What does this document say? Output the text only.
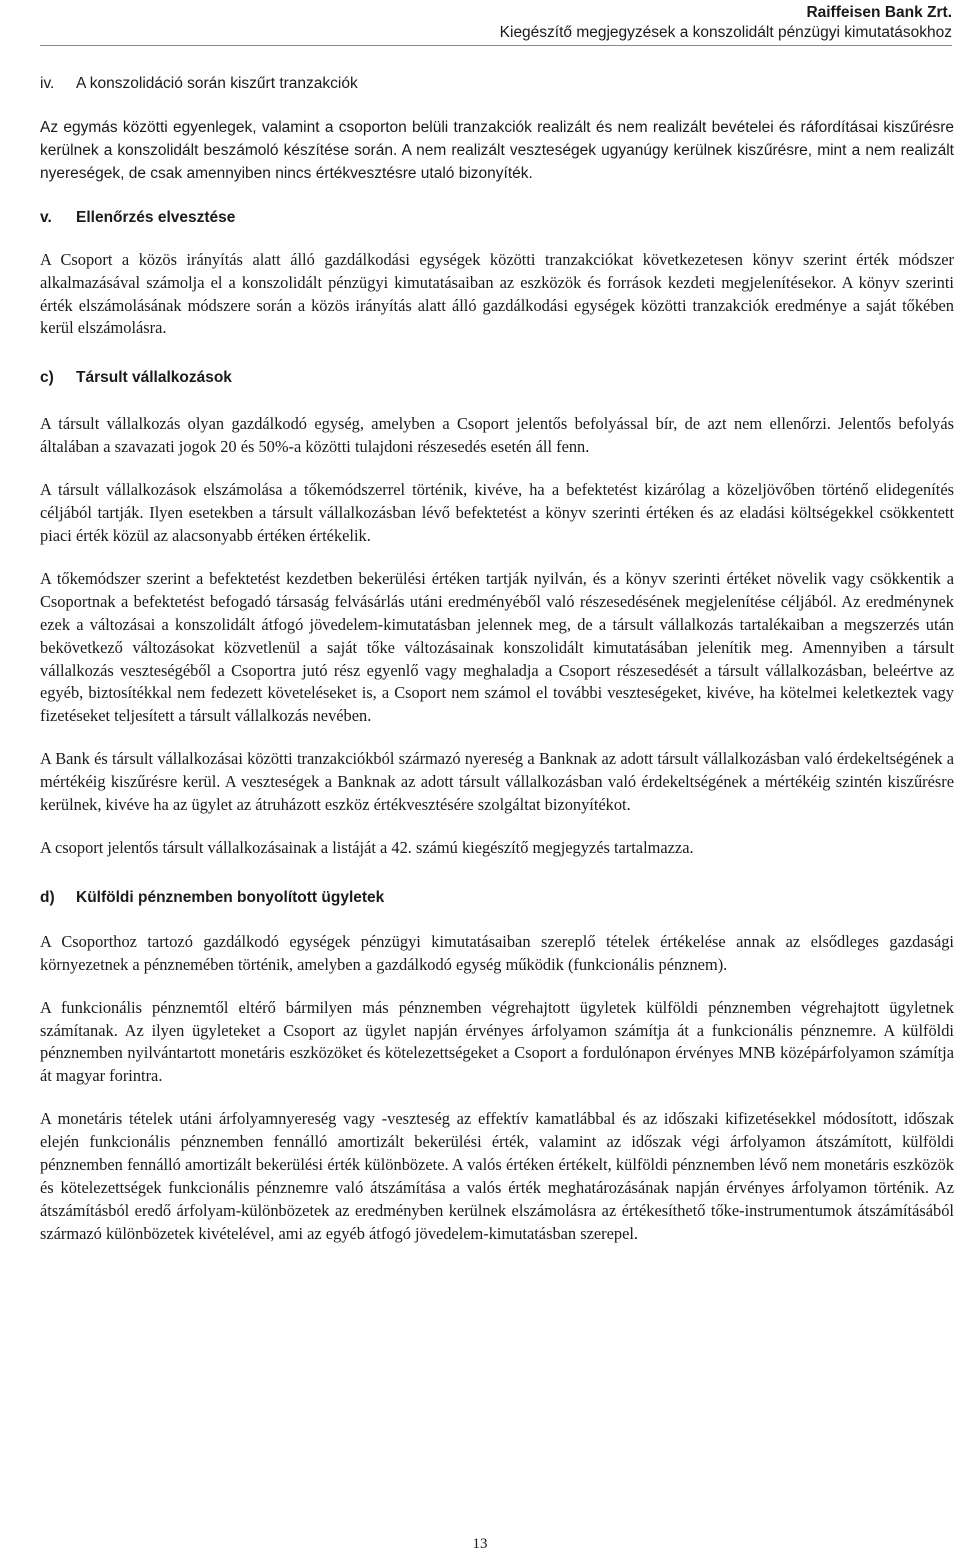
Raiffeisen Bank Zrt.
Kiegészítő megjegyzések a konszolidált pénzügyi kimutatásokhoz
iv. A konszolidáció során kiszűrt tranzakciók

Az egymás közötti egyenlegek, valamint a csoporton belüli tranzakciók realizált és nem realizált bevételei és ráfordításai kiszűrésre kerülnek a konszolidált beszámoló készítése során. A nem realizált veszteségek ugyanúgy kerülnek kiszűrésre, mint a nem realizált nyereségek, de csak amennyiben nincs értékvesztésre utaló bizonyíték.

v. Ellenőrzés elvesztése

A Csoport a közös irányítás alatt álló gazdálkodási egységek közötti tranzakciókat következetesen könyv szerint érték módszer alkalmazásával számolja el a konszolidált pénzügyi kimutatásaiban az eszközök és források kezdeti megjelenítésekor. A könyv szerinti érték elszámolásának módszere során a közös irányítás alatt álló gazdálkodási egységek közötti tranzakciók eredménye a saját tőkében kerül elszámolásra.

c) Társult vállalkozások

A társult vállalkozás olyan gazdálkodó egység, amelyben a Csoport jelentős befolyással bír, de azt nem ellenőrzi. Jelentős befolyás általában a szavazati jogok 20 és 50%-a közötti tulajdoni részesedés esetén áll fenn.

A társult vállalkozások elszámolása a tőkemódszerrel történik, kivéve, ha a befektetést kizárólag a közeljövőben történő elidegenítés céljából tartják. Ilyen esetekben a társult vállalkozásban lévő befektetést a könyv szerinti értéken és az eladási költségekkel csökkentett piaci érték közül az alacsonyabb értéken értékelik.

A tőkemódszer szerint a befektetést kezdetben bekerülési értéken tartják nyilván, és a könyv szerinti értéket növelik vagy csökkentik a Csoportnak a befektetést befogadó társaság felvásárlás utáni eredményéből való részesedésének megjelenítése céljából. Az eredménynek ezek a változásai a konszolidált átfogó jövedelem-kimutatásban jelennek meg, de a társult vállalkozás tartalékaiban a megszerzés után bekövetkező változásokat közvetlenül a saját tőke változásainak konszolidált kimutatásában jelenítik meg. Amennyiben a társult vállalkozás veszteségéből a Csoportra jutó rész egyenlő vagy meghaladja a Csoport részesedését a társult vállalkozásban, beleértve az egyéb, biztosítékkal nem fedezett követeléseket is, a Csoport nem számol el további veszteségeket, kivéve, ha kötelmei keletkeztek vagy fizetéseket teljesített a társult vállalkozás nevében.

A Bank és társult vállalkozásai közötti tranzakciókból származó nyereség a Banknak az adott társult vállalkozásban való érdekeltségének a mértékéig kiszűrésre kerül. A veszteségek a Banknak az adott társult vállalkozásban való érdekeltségének a mértékéig szintén kiszűrésre kerülnek, kivéve ha az ügylet az átruházott eszköz értékvesztésére szolgáltat bizonyítékot.

A csoport jelentős társult vállalkozásainak a listáját a 42. számú kiegészítő megjegyzés tartalmazza.

d) Külföldi pénznemben bonyolított ügyletek

A Csoporthoz tartozó gazdálkodó egységek pénzügyi kimutatásaiban szereplő tételek értékelése annak az elsődleges gazdasági környezetnek a pénznemében történik, amelyben a gazdálkodó egység működik (funkcionális pénznem).

A funkcionális pénznemtől eltérő bármilyen más pénznemben végrehajtott ügyletek külföldi pénznemben végrehajtott ügyletnek számítanak. Az ilyen ügyleteket a Csoport az ügylet napján érvényes árfolyamon számítja át a funkcionális pénznemre. A külföldi pénznemben nyilvántartott monetáris eszközöket és kötelezettségeket a Csoport a fordulónapon érvényes MNB középárfolyamon számítja át magyar forintra.

A monetáris tételek utáni árfolyamnyereség vagy -veszteség az effektív kamatlábbal és az időszaki kifizetésekkel módosított, időszak elején funkcionális pénznemben fennálló amortizált bekerülési érték, valamint az időszak végi árfolyamon átszámított, külföldi pénznemben fennálló amortizált bekerülési érték különbözete. A valós értéken értékelt, külföldi pénznemben lévő nem monetáris eszközök és kötelezettségek funkcionális pénznemre való átszámítása a valós érték meghatározásának napján érvényes árfolyamon történik. Az átszámításból eredő árfolyam-különbözetek az eredményben kerülnek elszámolásra az értékesíthető tőke-instrumentumok átszámításából származó különbözetek kivételével, ami az egyéb átfogó jövedelem-kimutatásban szerepel.

13
